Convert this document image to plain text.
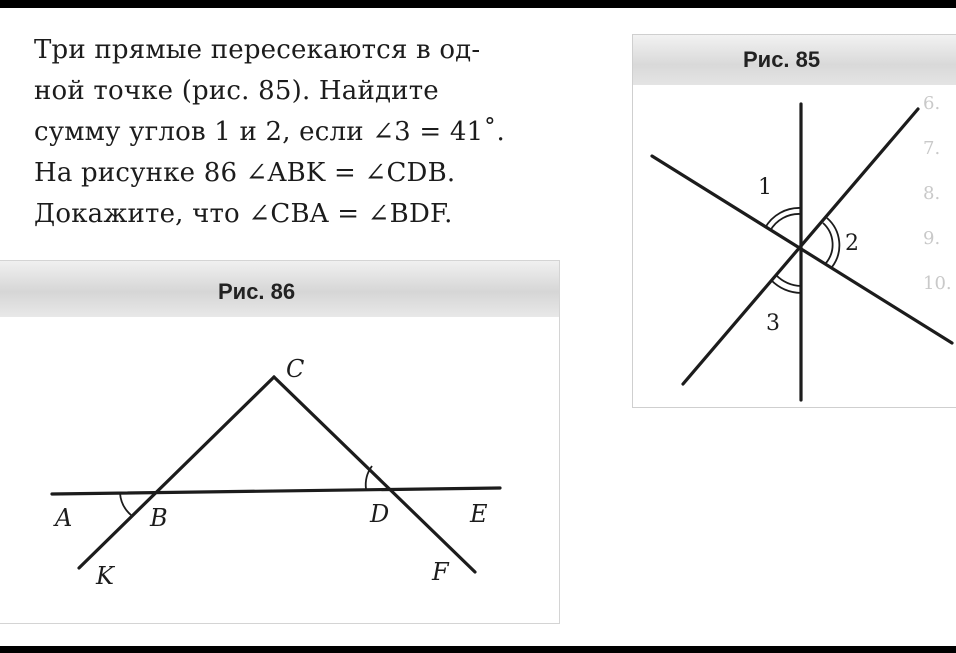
Три прямые пересекаются в од-
ной точке (рис. 85). Найдите
сумму углов 1 и 2, если ∠3 = 41˚.
На рисунке 86 ∠ABK = ∠CDB.
Докажите, что ∠CBA = ∠BDF.
Рис. 85
6.
7.
8.
9.
10.
1
2
3
Рис. 86
A	B
C
D	E
F
K
